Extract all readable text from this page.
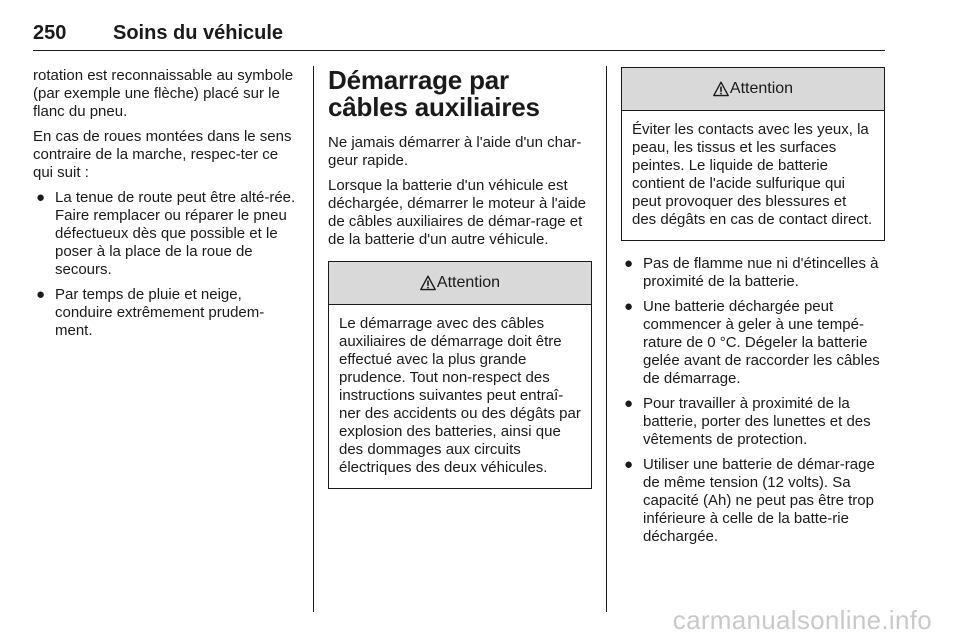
250 Soins du véhicule

rotation est reconnaissable au symbole (par exemple une flèche) placé sur le flanc du pneu.

En cas de roues montées dans le sens contraire de la marche, respec-ter ce qui suit :

● La tenue de route peut être alté-rée. Faire remplacer ou réparer le pneu défectueux dès que possible et le poser à la place de la roue de secours.
● Par temps de pluie et neige, conduire extrêmement prudem-ment.
Démarrage par câbles auxiliaires

Ne jamais démarrer à l'aide d'un char-geur rapide.

Lorsque la batterie d'un véhicule est déchargée, démarrer le moteur à l'aide de câbles auxiliaires de démar-rage et de la batterie d'un autre véhicule.

Attention
Le démarrage avec des câbles auxiliaires de démarrage doit être effectué avec la plus grande prudence. Tout non-respect des instructions suivantes peut entraî-ner des accidents ou des dégâts par explosion des batteries, ainsi que des dommages aux circuits électriques des deux véhicules.
Attention
Éviter les contacts avec les yeux, la peau, les tissus et les surfaces peintes. Le liquide de batterie contient de l'acide sulfurique qui peut provoquer des blessures et des dégâts en cas de contact direct.
● Pas de flamme nue ni d'étincelles à proximité de la batterie.
● Une batterie déchargée peut commencer à geler à une tempé-rature de 0 °C. Dégeler la batterie gelée avant de raccorder les câbles de démarrage.
● Pour travailler à proximité de la batterie, porter des lunettes et des vêtements de protection.
● Utiliser une batterie de démar-rage de même tension (12 volts). Sa capacité (Ah) ne peut pas être trop inférieure à celle de la batte-rie déchargée.
carmanualsonline.info
